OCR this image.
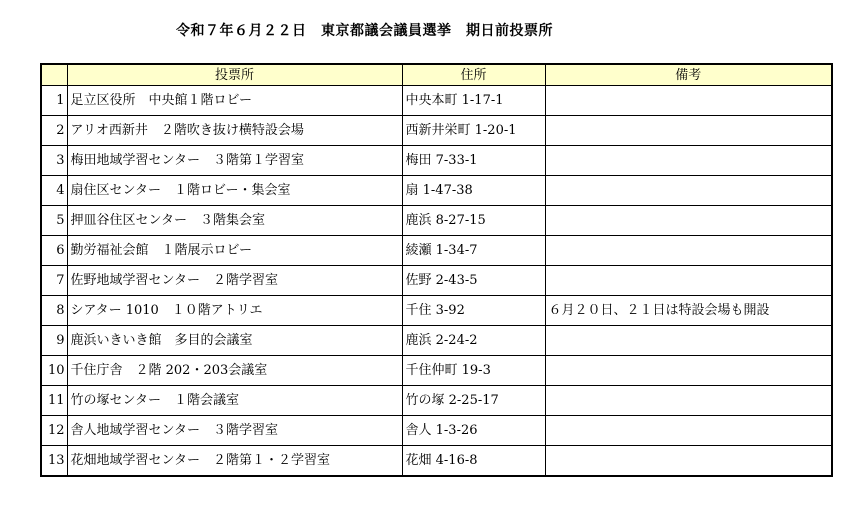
令和７年６月２２日　東京都議会議員選挙　期日前投票所
	投票所	住所	備考
1	足立区役所　中央館１階ロビー	中央本町 1-17-1	
2	アリオ西新井　２階吹き抜け横特設会場	西新井栄町 1-20-1	
3	梅田地域学習センター　３階第１学習室	梅田 7-33-1	
4	扇住区センター　１階ロビー・集会室	扇 1-47-38	
5	押皿谷住区センター　３階集会室	鹿浜 8-27-15	
6	勤労福祉会館　１階展示ロビー	綾瀬 1-34-7	
7	佐野地域学習センター　２階学習室	佐野 2-43-5	
8	シアター 1010　１０階アトリエ	千住 3-92	６月２０日、２１日は特設会場も開設
9	鹿浜いきいき館　多目的会議室	鹿浜 2-24-2	
10	千住庁舎　２階 202・203会議室	千住仲町 19-3	
11	竹の塚センター　１階会議室	竹の塚 2-25-17	
12	舎人地域学習センター　３階学習室	舎人 1-3-26	
13	花畑地域学習センター　２階第１・２学習室	花畑 4-16-8	
